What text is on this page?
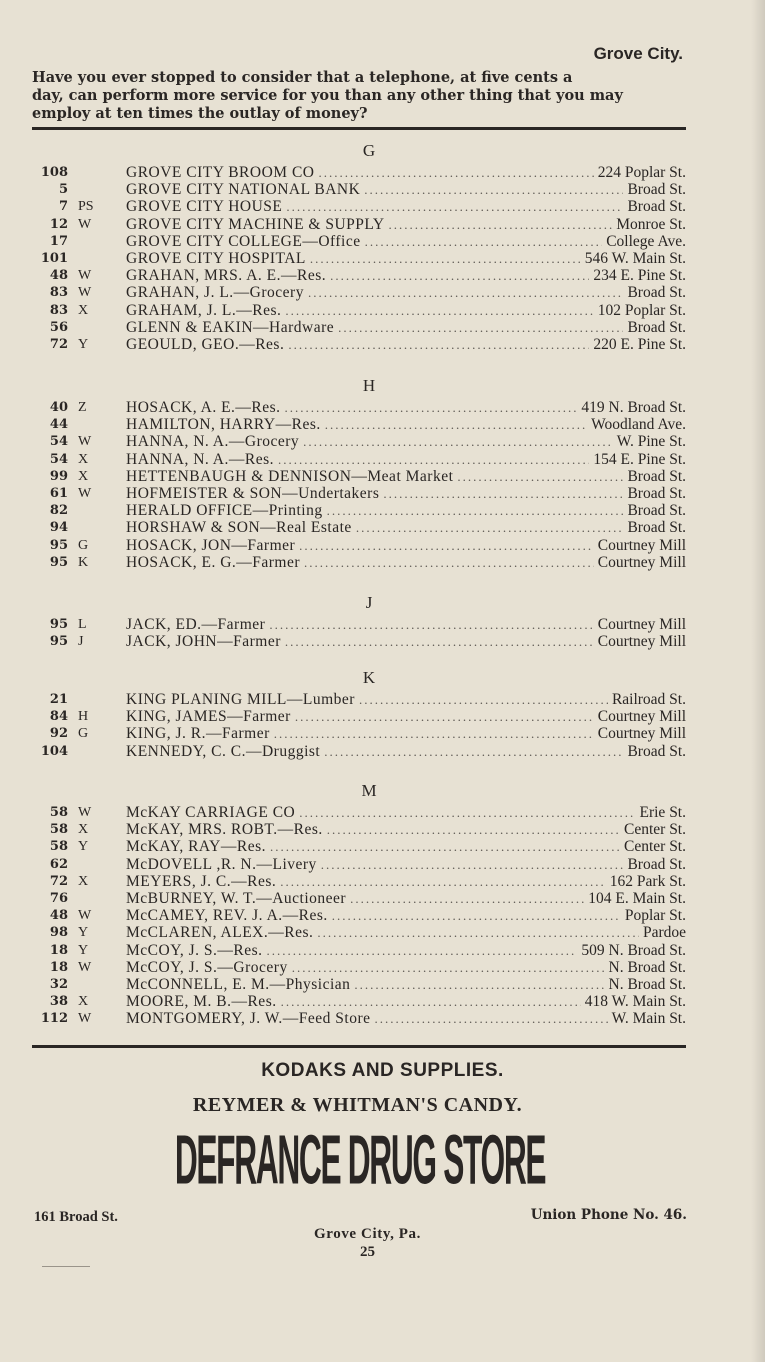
Grove City.
Have you ever stopped to consider that a telephone, at five cents a
day, can perform more service for you than any other thing that you may
employ at ten times the outlay of money?
G
108	GROVE CITY BROOM CO .....	224 Poplar St.
5	GROVE CITY NATIONAL BANK .....	Broad St.
7 PS	GROVE CITY HOUSE .....	Broad St.
12 W	GROVE CITY MACHINE & SUPPLY .....	Monroe St.
17	GROVE CITY COLLEGE—Office .....	College Ave.
101	GROVE CITY HOSPITAL .....	546 W. Main St.
48 W	GRAHAN, MRS. A. E.—Res. .....	234 E. Pine St.
83 W	GRAHAN, J. L.—Grocery .....	Broad St.
83 X	GRAHAM, J. L.—Res. .....	102 Poplar St.
56	GLENN & EAKIN—Hardware .....	Broad St.
72 Y	GEOULD, GEO.—Res. .....	220 E. Pine St.
H
40 Z	HOSACK, A. E.—Res. .....	419 N. Broad St.
44	HAMILTON, HARRY—Res. .....	Woodland Ave.
54 W	HANNA, N. A.—Grocery .....	W. Pine St.
54 X	HANNA, N. A.—Res. .....	154 E. Pine St.
99 X	HETTENBAUGH & DENNISON—Meat Market .....	Broad St.
61 W	HOFMEISTER & SON—Undertakers .....	Broad St.
82	HERALD OFFICE—Printing .....	Broad St.
94	HORSHAW & SON—Real Estate .....	Broad St.
95 G	HOSACK, JON—Farmer .....	Courtney Mill
95 K	HOSACK, E. G.—Farmer .....	Courtney Mill
J
95 L	JACK, ED.—Farmer .....	Courtney Mill
95 J	JACK, JOHN—Farmer .....	Courtney Mill
K
21	KING PLANING MILL—Lumber .....	Railroad St.
84 H	KING, JAMES—Farmer .....	Courtney Mill
92 G	KING, J. R.—Farmer .....	Courtney Mill
104	KENNEDY, C. C.—Druggist .....	Broad St.
M
58 W	McKAY CARRIAGE CO .....	Erie St.
58 X	McKAY, MRS. ROBT.—Res. .....	Center St.
58 Y	McKAY, RAY—Res. .....	Center St.
62	McDOVELL ,R. N.—Livery .....	Broad St.
72 X	MEYERS, J. C.—Res. .....	162 Park St.
76	McBURNEY, W. T.—Auctioneer .....	104 E. Main St.
48 W	McCAMEY, REV. J. A.—Res. .....	Poplar St.
98 Y	McCLAREN, ALEX.—Res. .....	Pardoe
18 Y	McCOY, J. S.—Res. .....	509 N. Broad St.
18 W	McCOY, J. S.—Grocery .....	N. Broad St.
32	McCONNELL, E. M.—Physician .....	N. Broad St.
38 X	MOORE, M. B.—Res. .....	418 W. Main St.
112 W	MONTGOMERY, J. W.—Feed Store .....	W. Main St.
KODAKS AND SUPPLIES.
REYMER & WHITMAN'S CANDY.
DEFRANCE DRUG STORE
161 Broad St.	Union Phone No. 46.
Grove City, Pa.
25
